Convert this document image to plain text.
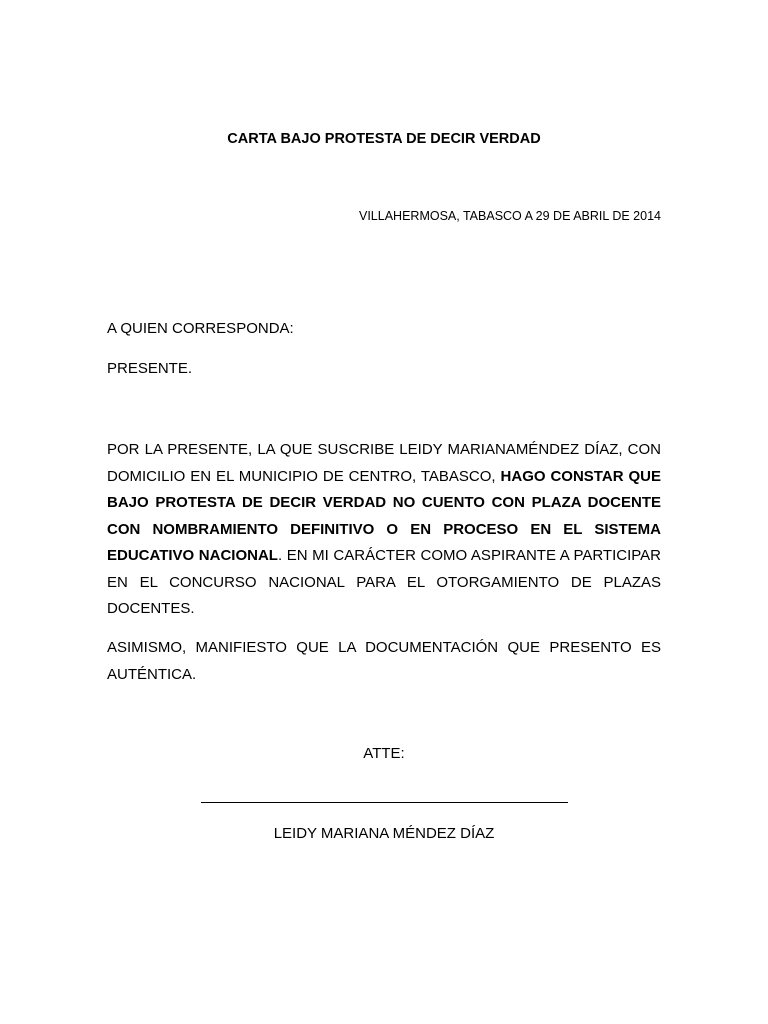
CARTA BAJO PROTESTA DE DECIR VERDAD
VILLAHERMOSA, TABASCO A 29 DE ABRIL DE 2014
A QUIEN CORRESPONDA:
PRESENTE.

POR LA PRESENTE, LA QUE SUSCRIBE LEIDY MARIANAMÉNDEZ DÍAZ, CON DOMICILIO EN EL MUNICIPIO DE CENTRO, TABASCO, HAGO CONSTAR QUE BAJO PROTESTA DE DECIR VERDAD NO CUENTO CON PLAZA DOCENTE CON NOMBRAMIENTO DEFINITIVO O EN PROCESO EN EL SISTEMA EDUCATIVO NACIONAL. EN MI CARÁCTER COMO ASPIRANTE A PARTICIPAR EN EL CONCURSO NACIONAL PARA EL OTORGAMIENTO DE PLAZAS DOCENTES.

ASIMISMO, MANIFIESTO QUE LA DOCUMENTACIÓN QUE PRESENTO ES AUTÉNTICA.

ATTE:
LEIDY MARIANA MÉNDEZ DÍAZ
